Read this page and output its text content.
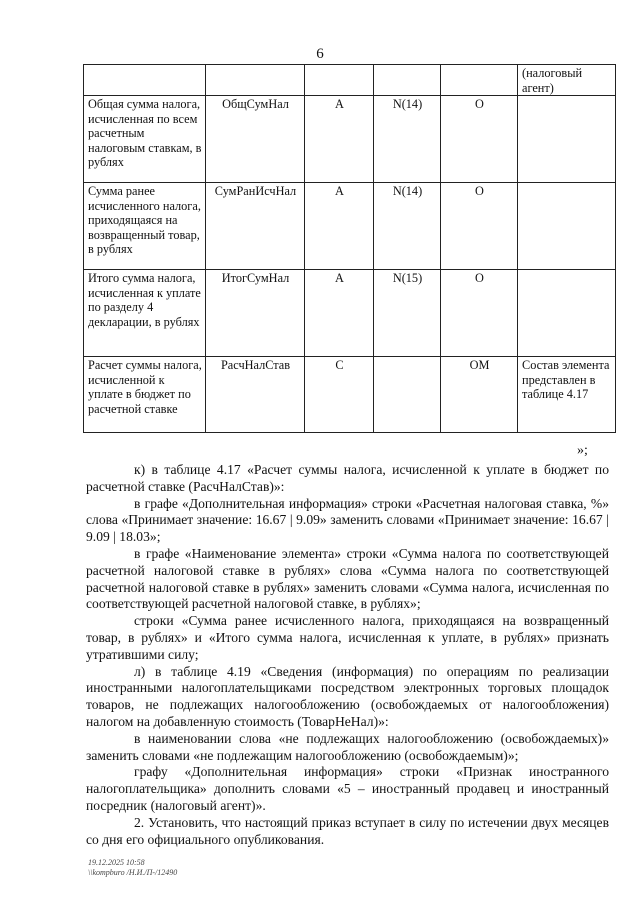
6
					(налоговый агент)
Общая сумма налога, исчисленная по всем расчетным налоговым ставкам, в рублях	ОбщСумНал	А	N(14)	О	
Сумма ранее исчисленного налога, приходящаяся на возвращенный товар, в рублях	СумРанИсчНал	А	N(14)	О	
Итого сумма налога, исчисленная к уплате по разделу 4 декларации, в рублях	ИтогСумНал	А	N(15)	О	
Расчет суммы налога, исчисленной к уплате в бюджет по расчетной ставке	РасчНалСтав	С		ОМ	Состав элемента представлен в таблице 4.17
»;

к) в таблице 4.17 «Расчет суммы налога, исчисленной к уплате в бюджет по расчетной ставке (РасчНалСтав)»:

в графе «Дополнительная информация» строки «Расчетная налоговая ставка, %» слова «Принимает значение: 16.67 | 9.09» заменить словами «Принимает значение: 16.67 | 9.09 | 18.03»;

в графе «Наименование элемента» строки «Сумма налога по соответствующей расчетной налоговой ставке в рублях» слова «Сумма налога по соответствующей расчетной налоговой ставке в рублях» заменить словами «Сумма налога, исчисленная по соответствующей расчетной налоговой ставке, в рублях»;

строки «Сумма ранее исчисленного налога, приходящаяся на возвращенный товар, в рублях» и «Итого сумма налога, исчисленная к уплате, в рублях» признать утратившими силу;

л) в таблице 4.19 «Сведения (информация) по операциям по реализации иностранными налогоплательщиками посредством электронных торговых площадок товаров, не подлежащих налогообложению (освобождаемых от налогообложения) налогом на добавленную стоимость (ТоварНеНал)»:

в наименовании слова «не подлежащих налогообложению (освобождаемых)» заменить словами «не подлежащим налогообложению (освобождаемым)»;

графу «Дополнительная информация» строки «Признак иностранного налогоплательщика» дополнить словами «5 – иностранный продавец и иностранный посредник (налоговый агент)».

2. Установить, что настоящий приказ вступает в силу по истечении двух месяцев со дня его официального опубликования.

19.12.2025 10:58
\\kompburo /Н.И./П-/12490
